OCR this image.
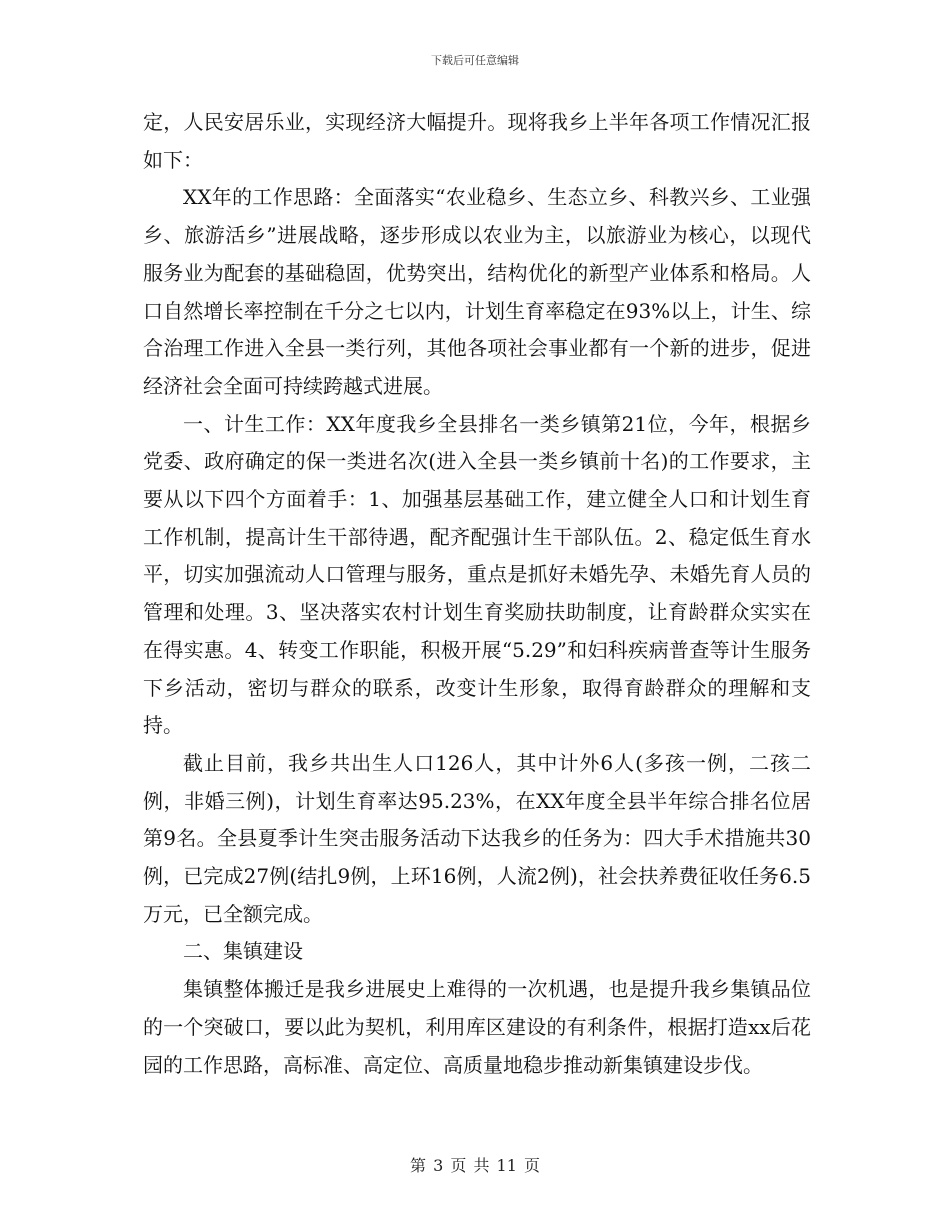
下载后可任意编辑

定，人民安居乐业，实现经济大幅提升。现将我乡上半年各项工作情况汇报如下：

XX年的工作思路：全面落实“农业稳乡、生态立乡、科教兴乡、工业强乡、旅游活乡”进展战略，逐步形成以农业为主，以旅游业为核心，以现代服务业为配套的基础稳固，优势突出，结构优化的新型产业体系和格局。人口自然增长率控制在千分之七以内，计划生育率稳定在93%以上，计生、综合治理工作进入全县一类行列，其他各项社会事业都有一个新的进步，促进经济社会全面可持续跨越式进展。

一、计生工作：XX年度我乡全县排名一类乡镇第21位，今年，根据乡党委、政府确定的保一类进名次(进入全县一类乡镇前十名)的工作要求，主要从以下四个方面着手：1、加强基层基础工作，建立健全人口和计划生育工作机制，提高计生干部待遇，配齐配强计生干部队伍。2、稳定低生育水平，切实加强流动人口管理与服务，重点是抓好未婚先孕、未婚先育人员的管理和处理。3、坚决落实农村计划生育奖励扶助制度，让育龄群众实实在在得实惠。4、转变工作职能，积极开展“5.29”和妇科疾病普查等计生服务下乡活动，密切与群众的联系，改变计生形象，取得育龄群众的理解和支持。

截止目前，我乡共出生人口126人，其中计外6人(多孩一例，二孩二例，非婚三例)，计划生育率达95.23%，在XX年度全县半年综合排名位居第9名。全县夏季计生突击服务活动下达我乡的任务为：四大手术措施共30例，已完成27例(结扎9例，上环16例，人流2例)，社会扶养费征收任务6.5万元，已全额完成。

二、集镇建设

集镇整体搬迁是我乡进展史上难得的一次机遇，也是提升我乡集镇品位的一个突破口，要以此为契机，利用库区建设的有利条件，根据打造xx后花园的工作思路，高标准、高定位、高质量地稳步推动新集镇建设步伐。

第 3 页 共 11 页
